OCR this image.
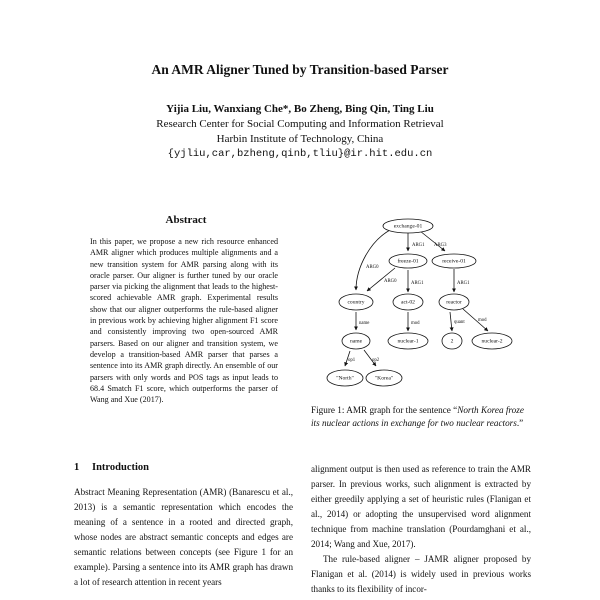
An AMR Aligner Tuned by Transition-based Parser
Yijia Liu, Wanxiang Che*, Bo Zheng, Bing Qin, Ting Liu
Research Center for Social Computing and Information Retrieval
Harbin Institute of Technology, China
{yjliu,car,bzheng,qinb,tliu}@ir.hit.edu.cn
Abstract

In this paper, we propose a new rich resource enhanced AMR aligner which produces multiple alignments and a new transition system for AMR parsing along with its oracle parser. Our aligner is further tuned by our oracle parser via picking the alignment that leads to the highest-scored achievable AMR graph. Experimental results show that our aligner outperforms the rule-based aligner in previous work by achieving higher alignment F1 score and consistently improving two open-sourced AMR parsers. Based on our aligner and transition system, we develop a transition-based AMR parser that parses a sentence into its AMR graph directly. An ensemble of our parsers with only words and POS tags as input leads to 68.4 Smatch F1 score, which outperforms the parser of Wang and Xue (2017).

1 Introduction

Abstract Meaning Representation (AMR) (Banarescu et al., 2013) is a semantic representation which encodes the meaning of a sentence in a rooted and directed graph, whose nodes are abstract semantic concepts and edges are semantic relations between concepts (see Figure 1 for an example). Parsing a sentence into its AMR graph has drawn a lot of research attention in recent years

exchange-01
freeze-01	receive-01
country	act-02	reactor
name	nuclear-1	2	nuclear-2
"North"	"Korea"
ARG0
ARG1 ARG3
ARG0	ARG1	ARG1
name	mod	quant	mod
op1	op2

Figure 1: AMR graph for the sentence “North Korea froze its nuclear actions in exchange for two nuclear reactors.”

alignment output is then used as reference to train the AMR parser. In previous works, such alignment is extracted by either greedily applying a set of heuristic rules (Flanigan et al., 2014) or adopting the unsupervised word alignment technique from machine translation (Pourdamghani et al., 2014; Wang and Xue, 2017).

The rule-based aligner – JAMR aligner proposed by Flanigan et al. (2014) is widely used in previous works thanks to its flexibility of incor-
